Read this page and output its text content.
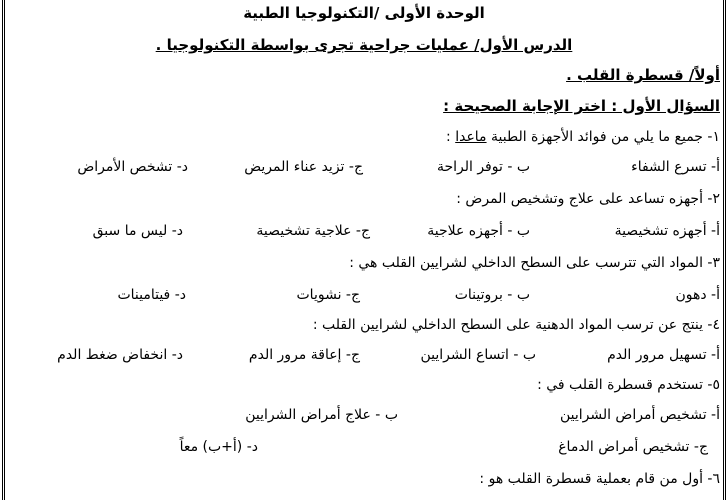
الوحدة الأولى /التكنولوجيا الطبية
الدرس الأول/ عمليات جراحية تجرى بواسطة التكنولوجيا .
أولاً/ قسطرة القلب .
السؤال الأول : اختر الإجابة الصحيحة :
١- جميع ما يلي من فوائد الأجهزة الطبية ماعدا :
أ- تسرع الشفاء
ب - توفر الراحة
ج- تزيد عناء المريض
د- تشخص الأمراض
٢- أجهزه تساعد على علاج وتشخيص المرض :
أ- أجهزه تشخيصية
ب - أجهزه علاجية
ج- علاجية تشخيصية
د- ليس ما سبق
٣- المواد التي تترسب على السطح الداخلي لشرايين القلب هي :
أ- دهون
ب - بروتينات
ج- نشويات
د- فيتامينات
٤- ينتج عن ترسب المواد الدهنية على السطح الداخلي لشرايين القلب :
أ- تسهيل مرور الدم
ب - اتساع الشرايين
ج- إعاقة مرور الدم
د- انخفاض ضغط الدم
٥- تستخدم قسطرة القلب في :
أ- تشخيص أمراض الشرايين
ب - علاج أمراض الشرايين
ج- تشخيص أمراض الدماغ
د- (أ+ب) معاً
٦- أول من قام بعملية قسطرة القلب هو :
